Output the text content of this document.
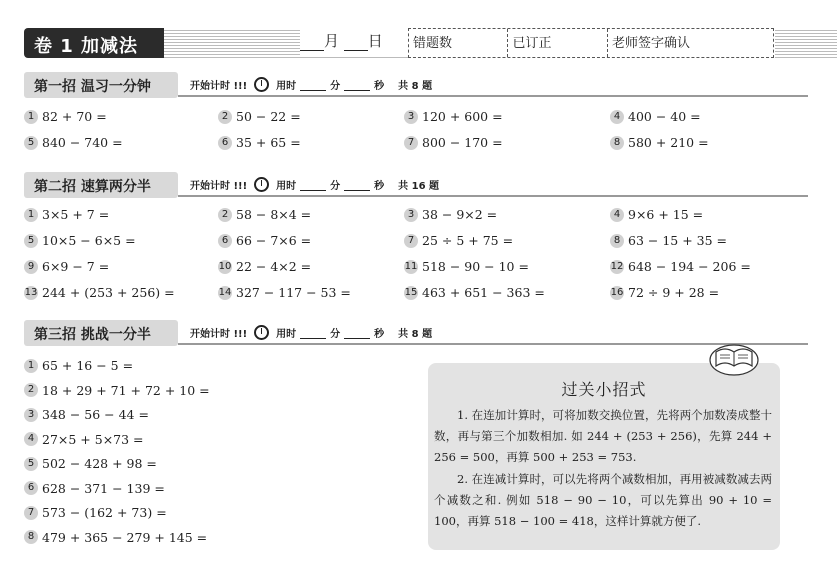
卷 1 加减法	月 日	错题数	已订正	老师签字确认
第一招 温习一分钟	开始计时 !!!	用时
	分
	秒 共 8 题
1 82 + 70 =	2 50 − 22 =	3 120 + 600 =	4 400 − 40 =
5 840 − 740 =	6 35 + 65 =	7 800 − 170 =	8 580 + 210 =
第二招 速算两分半	开始计时 !!!	用时
	分
	秒 共 16 题
1 3×5 + 7 =	2 58 − 8×4 =	3 38 − 9×2 =	4 9×6 + 15 =
5 10×5 − 6×5 =	6 66 − 7×6 =	7 25 ÷ 5 + 75 =	8 63 − 15 + 35 =
9 6×9 − 7 =	10 22 − 4×2 =	11 518 − 90 − 10 =	12 648 − 194 − 206 =
13 244 + (253 + 256) =	14 327 − 117 − 53 =	15 463 + 651 − 363 =	16 72 ÷ 9 + 28 =
第三招 挑战一分半	开始计时 !!!	用时
	分
	秒 共 8 题
1 65 + 16 − 5 =
2 18 + 29 + 71 + 72 + 10 =
3 348 − 56 − 44 =
4 27×5 + 5×73 =
5 502 − 428 + 98 =
6 628 − 371 − 139 =
7 573 − (162 + 73) =
8 479 + 365 − 279 + 145 =
过关小招式

1. 在连加计算时，可将加数交换位置，先将两个加数凑成整十数，再与第三个加数相加. 如 244 + (253 + 256)，先算 244 + 256 = 500，再算 500 + 253 = 753.

2. 在连减计算时，可以先将两个减数相加，再用被减数减去两个减数之和. 例如 518 − 90 − 10，可以先算出 90 + 10 = 100，再算 518 − 100 = 418，这样计算就方便了.
